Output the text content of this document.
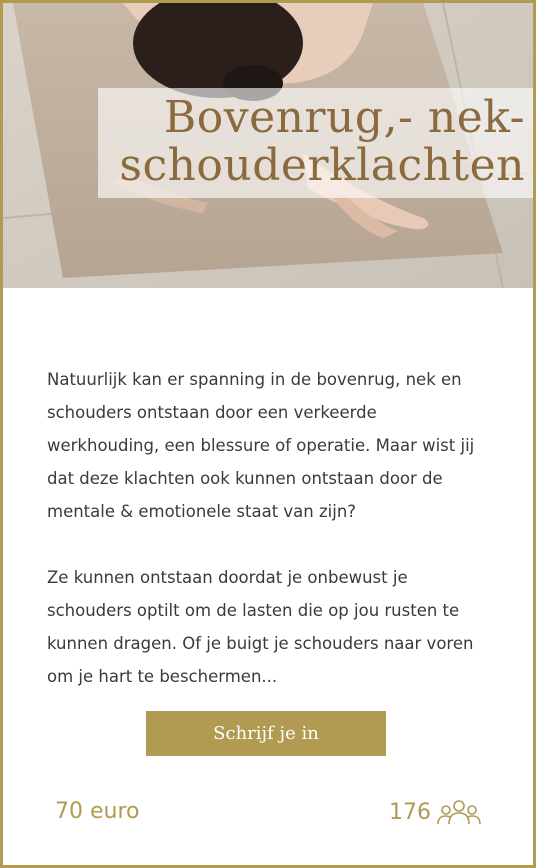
Bovenrug,- nek- schouderklachten

Natuurlijk kan er spanning in de bovenrug, nek en schouders ontstaan door een verkeerde werkhouding, een blessure of operatie. Maar wist jij dat deze klachten ook kunnen ontstaan door de mentale & emotionele staat van zijn?

Ze kunnen ontstaan doordat je onbewust je schouders optilt om de lasten die op jou rusten te kunnen dragen. Of je buigt je schouders naar voren om je hart te beschermen...

Schrijf je in
70 euro	176
